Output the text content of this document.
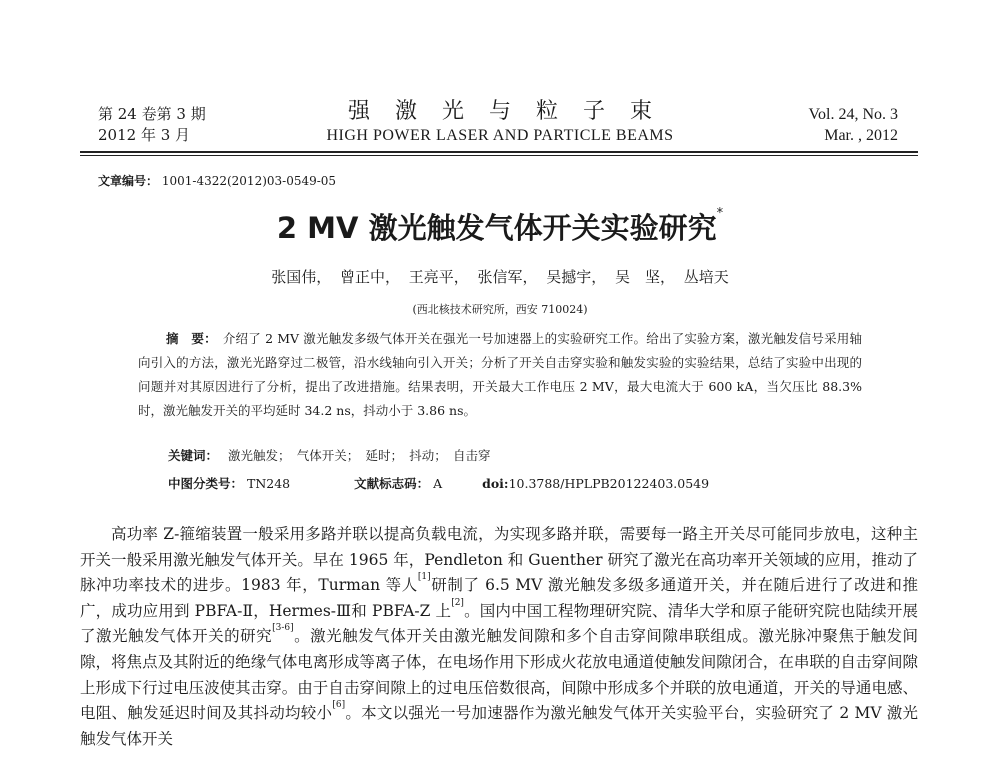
第 24 卷第 3 期
2012 年 3 月
强激光与粒子束
HIGH POWER LASER AND PARTICLE BEAMS
Vol. 24, No. 3
Mar. , 2012
文章编号： 1001-4322(2012)03-0549-05
2 MV 激光触发气体开关实验研究*
张国伟， 曾正中， 王亮平， 张信军， 吴撼宇， 吴　坚， 丛培天
(西北核技术研究所，西安 710024)
摘　要： 介绍了 2 MV 激光触发多级气体开关在强光一号加速器上的实验研究工作。给出了实验方案，激光触发信号采用轴向引入的方法，激光光路穿过二极管，沿水线轴向引入开关；分析了开关自击穿实验和触发实验的实验结果，总结了实验中出现的问题并对其原因进行了分析，提出了改进措施。结果表明，开关最大工作电压 2 MV，最大电流大于 600 kA，当欠压比 88.3%时，激光触发开关的平均延时 34.2 ns，抖动小于 3.86 ns。
关键词： 激光触发；　气体开关；　延时；　抖动；　自击穿
中图分类号： TN248	文献标志码： A	doi:10.3788/HPLPB20122403.0549
高功率 Z-箍缩装置一般采用多路并联以提高负载电流，为实现多路并联，需要每一路主开关尽可能同步放电，这种主开关一般采用激光触发气体开关。早在 1965 年，Pendleton 和 Guenther 研究了激光在高功率开关领域的应用，推动了脉冲功率技术的进步。1983 年，Turman 等人[1]研制了 6.5 MV 激光触发多级多通道开关，并在随后进行了改进和推广，成功应用到 PBFA-Ⅱ，Hermes-Ⅲ和 PBFA-Z 上[2]。国内中国工程物理研究院、清华大学和原子能研究院也陆续开展了激光触发气体开关的研究[3-6]。激光触发气体开关由激光触发间隙和多个自击穿间隙串联组成。激光脉冲聚焦于触发间隙，将焦点及其附近的绝缘气体电离形成等离子体，在电场作用下形成火花放电通道使触发间隙闭合，在串联的自击穿间隙上形成下行过电压波使其击穿。由于自击穿间隙上的过电压倍数很高，间隙中形成多个并联的放电通道，开关的导通电感、电阻、触发延迟时间及其抖动均较小[6]。本文以强光一号加速器作为激光触发气体开关实验平台，实验研究了 2 MV 激光触发气体开关
